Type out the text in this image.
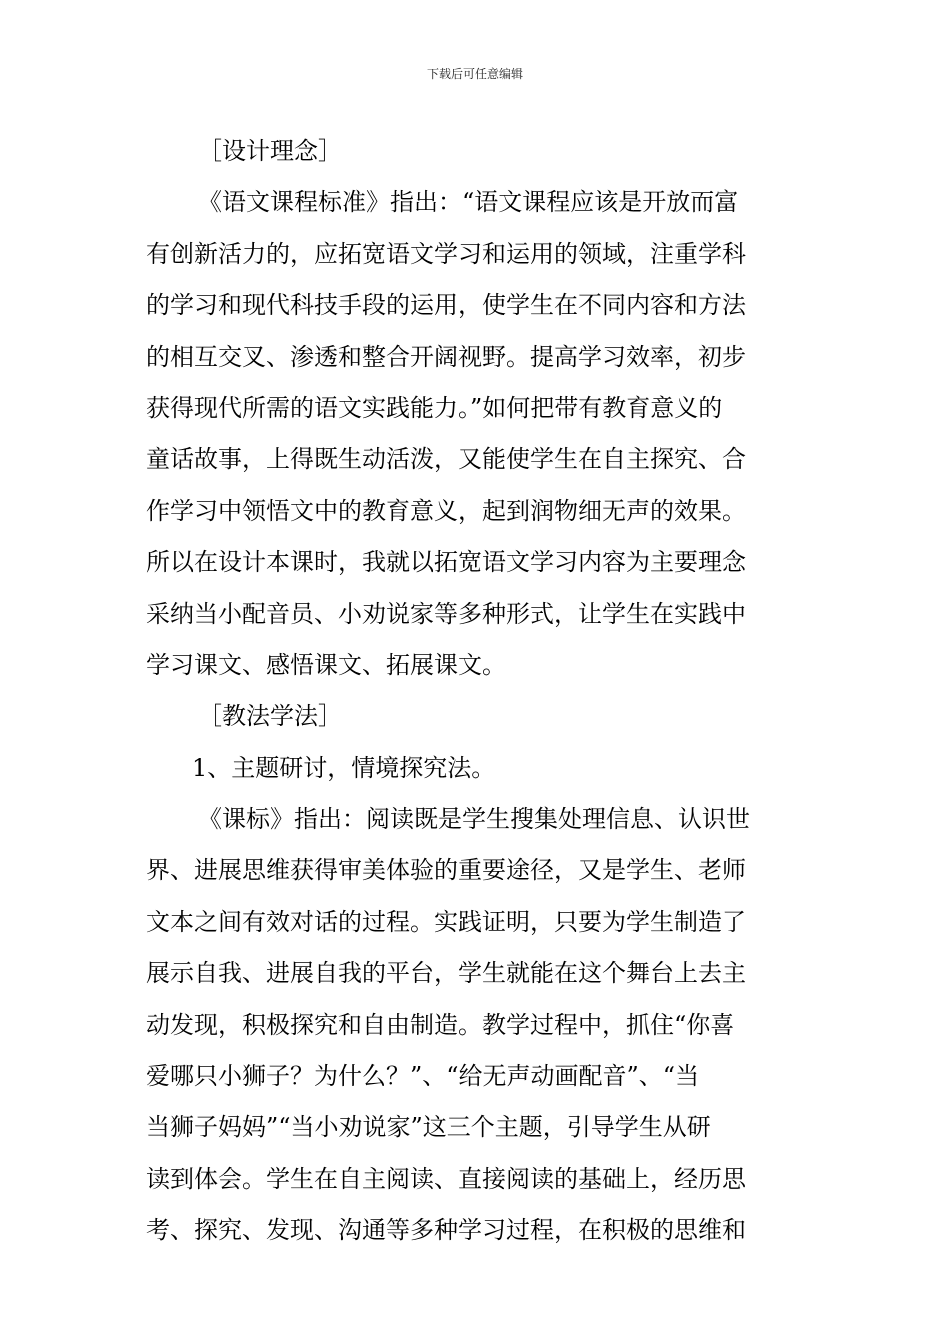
下载后可任意编辑
［设计理念］
《语文课程标准》指出：“语文课程应该是开放而富
有创新活力的，应拓宽语文学习和运用的领域，注重学科
的学习和现代科技手段的运用，使学生在不同内容和方法
的相互交叉、渗透和整合开阔视野。提高学习效率，初步
获得现代所需的语文实践能力。”如何把带有教育意义的
童话故事，上得既生动活泼，又能使学生在自主探究、合
作学习中领悟文中的教育意义，起到润物细无声的效果。
所以在设计本课时，我就以拓宽语文学习内容为主要理念
采纳当小配音员、小劝说家等多种形式，让学生在实践中
学习课文、感悟课文、拓展课文。
［教法学法］
1、主题研讨，情境探究法。
《课标》指出：阅读既是学生搜集处理信息、认识世
界、进展思维获得审美体验的重要途径，又是学生、老师
文本之间有效对话的过程。实践证明，只要为学生制造了
展示自我、进展自我的平台，学生就能在这个舞台上去主
动发现，积极探究和自由制造。教学过程中，抓住“你喜
爱哪只小狮子？为什么？”、“给无声动画配音”、“当
当狮子妈妈”“当小劝说家”这三个主题，引导学生从研
读到体会。学生在自主阅读、直接阅读的基础上，经历思
考、探究、发现、沟通等多种学习过程，在积极的思维和
